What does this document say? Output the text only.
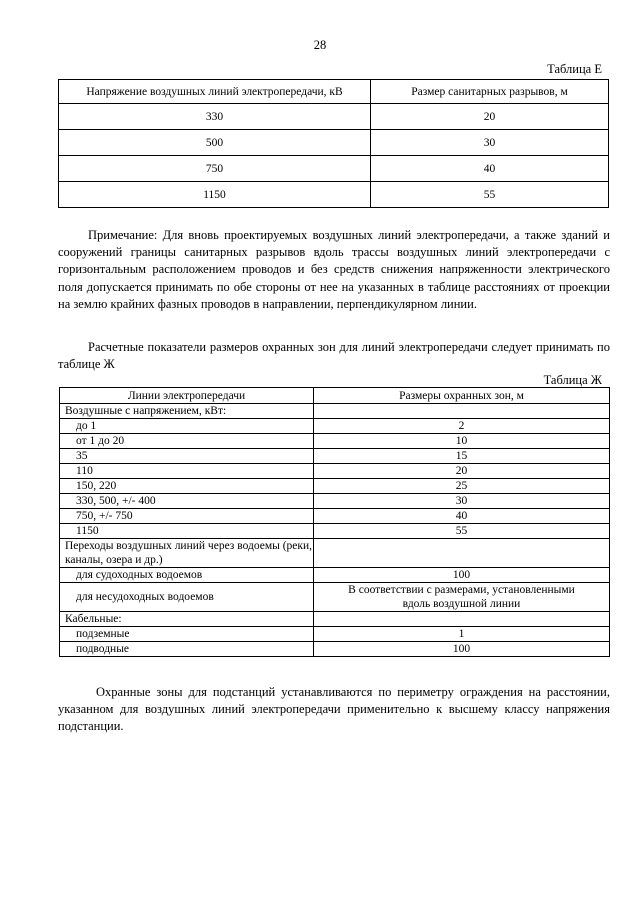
28
Таблица Е
Напряжение воздушных линий электропередачи, кВ	Размер санитарных разрывов, м
330	20
500	30
750	40
1150	55

Примечание: Для вновь проектируемых воздушных линий электропередачи, а также зданий и сооружений границы санитарных разрывов вдоль трассы воздушных линий электропередачи с горизонтальным расположением проводов и без средств снижения напряженности электрического поля допускается принимать по обе стороны от нее на указанных в таблице расстояниях от проекции на землю крайних фазных проводов в направлении, перпендикулярном линии.

Расчетные показатели размеров охранных зон для линий электропередачи следует принимать по таблице Ж

Таблица Ж
Линии электропередачи	Размеры охранных зон, м
Воздушные с напряжением, кВт:	
до 1	2
от 1 до 20	10
35	15
110	20
150, 220	25
330, 500, +/- 400	30
750, +/- 750	40
1150	55
Переходы воздушных линий через водоемы (реки, каналы, озера и др.)	
для судоходных водоемов	100
для несудоходных водоемов	В соответствии с размерами, установленными вдоль воздушной линии
Кабельные:	
подземные	1
подводные	100

Охранные зоны для подстанций устанавливаются по периметру ограждения на расстоянии, указанном для воздушных линий электропередачи применительно к высшему классу напряжения подстанции.
